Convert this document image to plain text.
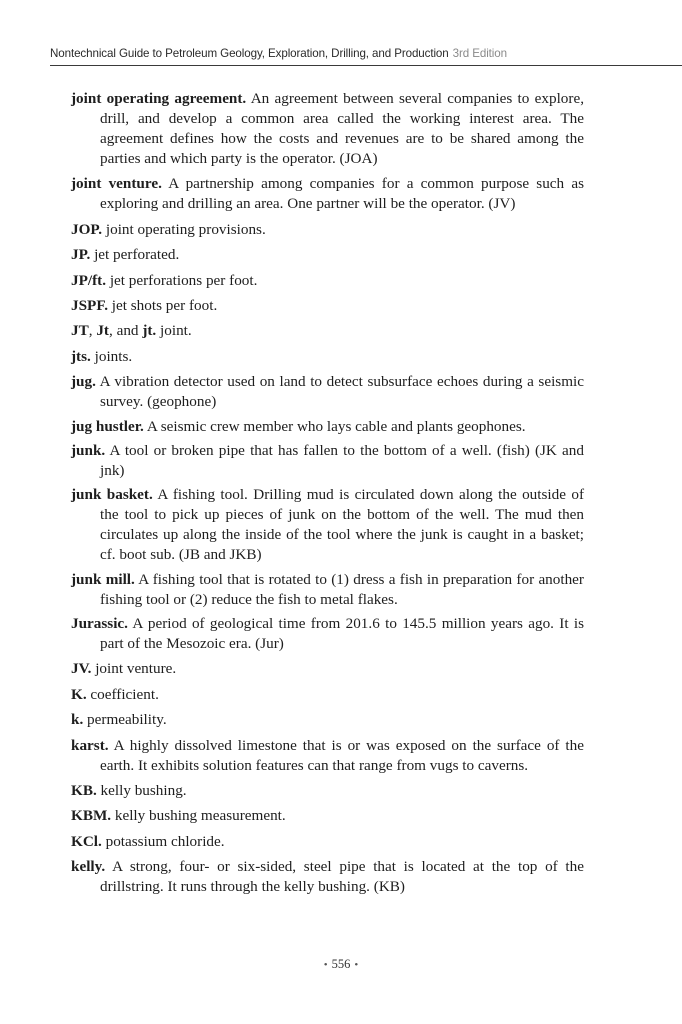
Nontechnical Guide to Petroleum Geology, Exploration, Drilling, and Production 3rd Edition

joint operating agreement. An agreement between several companies to explore, drill, and develop a common area called the working interest area. The agreement defines how the costs and revenues are to be shared among the parties and which party is the operator. (JOA)

joint venture. A partnership among companies for a common purpose such as exploring and drilling an area. One partner will be the operator. (JV)

JOP. joint operating provisions.

JP. jet perforated.

JP/ft. jet perforations per foot.

JSPF. jet shots per foot.

JT, Jt, and jt. joint.

jts. joints.

jug. A vibration detector used on land to detect subsurface echoes during a seismic survey. (geophone)

jug hustler. A seismic crew member who lays cable and plants geophones.

junk. A tool or broken pipe that has fallen to the bottom of a well. (fish) (JK and jnk)

junk basket. A fishing tool. Drilling mud is circulated down along the outside of the tool to pick up pieces of junk on the bottom of the well. The mud then circulates up along the inside of the tool where the junk is caught in a basket; cf. boot sub. (JB and JKB)

junk mill. A fishing tool that is rotated to (1) dress a fish in preparation for another fishing tool or (2) reduce the fish to metal flakes.

Jurassic. A period of geological time from 201.6 to 145.5 million years ago. It is part of the Mesozoic era. (Jur)

JV. joint venture.

K. coefficient.

k. permeability.

karst. A highly dissolved limestone that is or was exposed on the surface of the earth. It exhibits solution features can that range from vugs to caverns.

KB. kelly bushing.

KBM. kelly bushing measurement.

KCl. potassium chloride.

kelly. A strong, four- or six-sided, steel pipe that is located at the top of the drillstring. It runs through the kelly bushing. (KB)

• 556 •
